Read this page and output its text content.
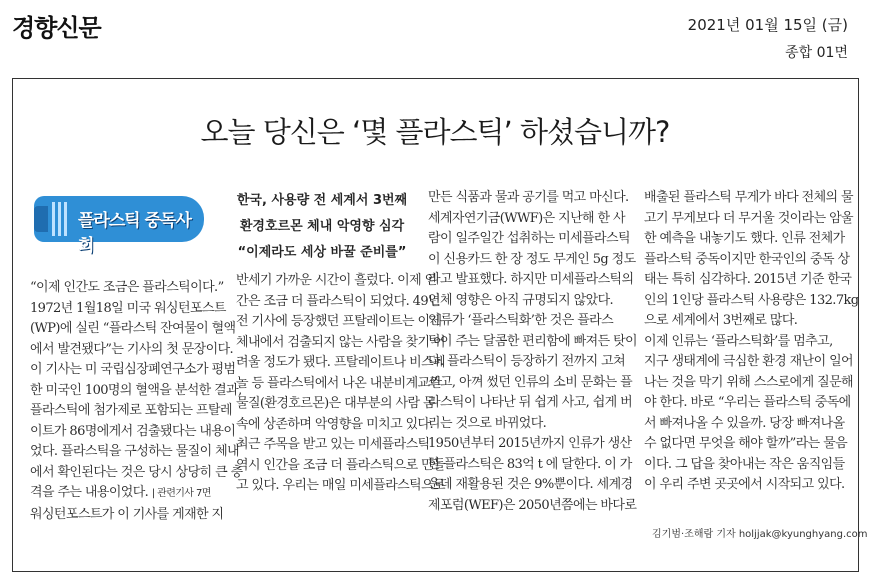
경향신문	2021년 01월 15일 (금)
종합 01면
오늘 당신은 ‘몇 플라스틱’ 하셨습니까?
플라스틱 중독사회
한국, 사용량 전 세계서 3번째
환경호르몬 체내 악영향 심각
“이제라도 세상 바꿀 준비를”

“이제 인간도 조금은 플라스틱이다.”

1972년 1월18일 미국 워싱턴포스트

(WP)에 실린 “플라스틱 잔여물이 혈액

에서 발견됐다”는 기사의 첫 문장이다.

이 기사는 미 국립심장폐연구소가 평범

한 미국인 100명의 혈액을 분석한 결과,

플라스틱에 첨가제로 포함되는 프탈레

이트가 86명에게서 검출됐다는 내용이

었다. 플라스틱을 구성하는 물질이 체내

에서 확인된다는 것은 당시 상당히 큰 충

격을 주는 내용이었다. | 관련기사 7면

워싱턴포스트가 이 기사를 게재한 지

반세기 가까운 시간이 흘렀다. 이제 인

간은 조금 더 플라스틱이 되었다. 49년

전 기사에 등장했던 프탈레이트는 이제

체내에서 검출되지 않는 사람을 찾기 어

려울 정도가 됐다. 프탈레이트나 비스페

놀 등 플라스틱에서 나온 내분비계교란

물질(환경호르몬)은 대부분의 사람 몸

속에 상존하며 악영향을 미치고 있다.

최근 주목을 받고 있는 미세플라스틱

역시 인간을 조금 더 플라스틱으로 만들

고 있다. 우리는 매일 미세플라스틱으로

만든 식품과 물과 공기를 먹고 마신다.

세계자연기금(WWF)은 지난해 한 사

람이 일주일간 섭취하는 미세플라스틱

이 신용카드 한 장 정도 무게인 5g 정도

라고 발표했다. 하지만 미세플라스틱의

인체 영향은 아직 규명되지 않았다.

인류가 ‘플라스틱화’한 것은 플라스

틱이 주는 달콤한 편리함에 빠져든 탓이

다. 플라스틱이 등장하기 전까지 고쳐

쓰고, 아껴 썼던 인류의 소비 문화는 플

라스틱이 나타난 뒤 쉽게 사고, 쉽게 버

리는 것으로 바뀌었다.

1950년부터 2015년까지 인류가 생산

한 플라스틱은 83억 t 에 달한다. 이 가

운데 재활용된 것은 9%뿐이다. 세계경

제포럼(WEF)은 2050년쯤에는 바다로

배출된 플라스틱 무게가 바다 전체의 물

고기 무게보다 더 무거울 것이라는 암울

한 예측을 내놓기도 했다. 인류 전체가

플라스틱 중독이지만 한국인의 중독 상

태는 특히 심각하다. 2015년 기준 한국

인의 1인당 플라스틱 사용량은 132.7kg

으로 세계에서 3번째로 많다.

이제 인류는 ‘플라스틱화’를 멈추고,

지구 생태계에 극심한 환경 재난이 일어

나는 것을 막기 위해 스스로에게 질문해

야 한다. 바로 “우리는 플라스틱 중독에

서 빠져나올 수 있을까. 당장 빠져나올

수 없다면 무엇을 해야 할까”라는 물음

이다. 그 답을 찾아내는 작은 움직임들

이 우리 주변 곳곳에서 시작되고 있다.

김기범·조해람 기자 holjjak@kyunghyang.com
